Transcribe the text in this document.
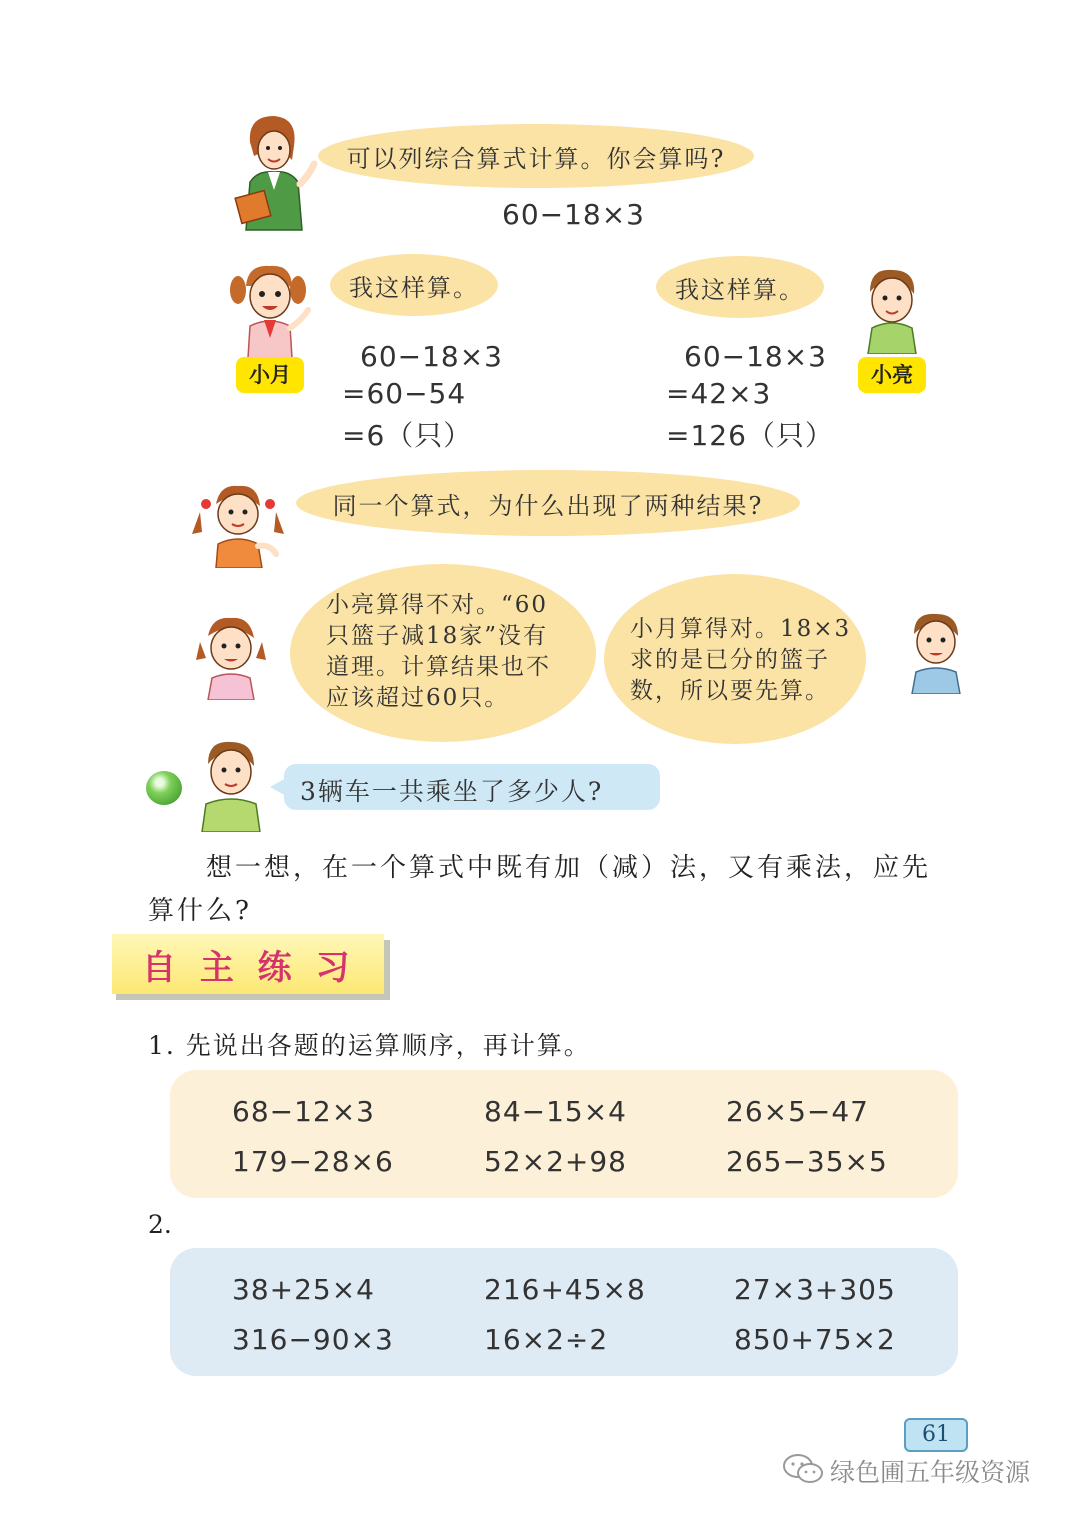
可以列综合算式计算。你会算吗?
60−18×3
小月
我这样算。
60−18×3
=60−54
=6（只）
我这样算。
小亮
60−18×3
=42×3
=126（只）
同一个算式，为什么出现了两种结果?
小亮算得不对。“60
只篮子减18家”没有
道理。计算结果也不
应该超过60只。
小月算得对。18×3
求的是已分的篮子
数，所以要先算。
3辆车一共乘坐了多少人?
想一想，在一个算式中既有加（减）法，又有乘法，应先
算什么?
自 主 练 习
1. 先说出各题的运算顺序，再计算。
68−12×3	84−15×4	26×5−47
179−28×6	52×2+98	265−35×5
2.
38+25×4	216+45×8	27×3+305
316−90×3	16×2÷2	850+75×2
61
绿色圃五年级资源
